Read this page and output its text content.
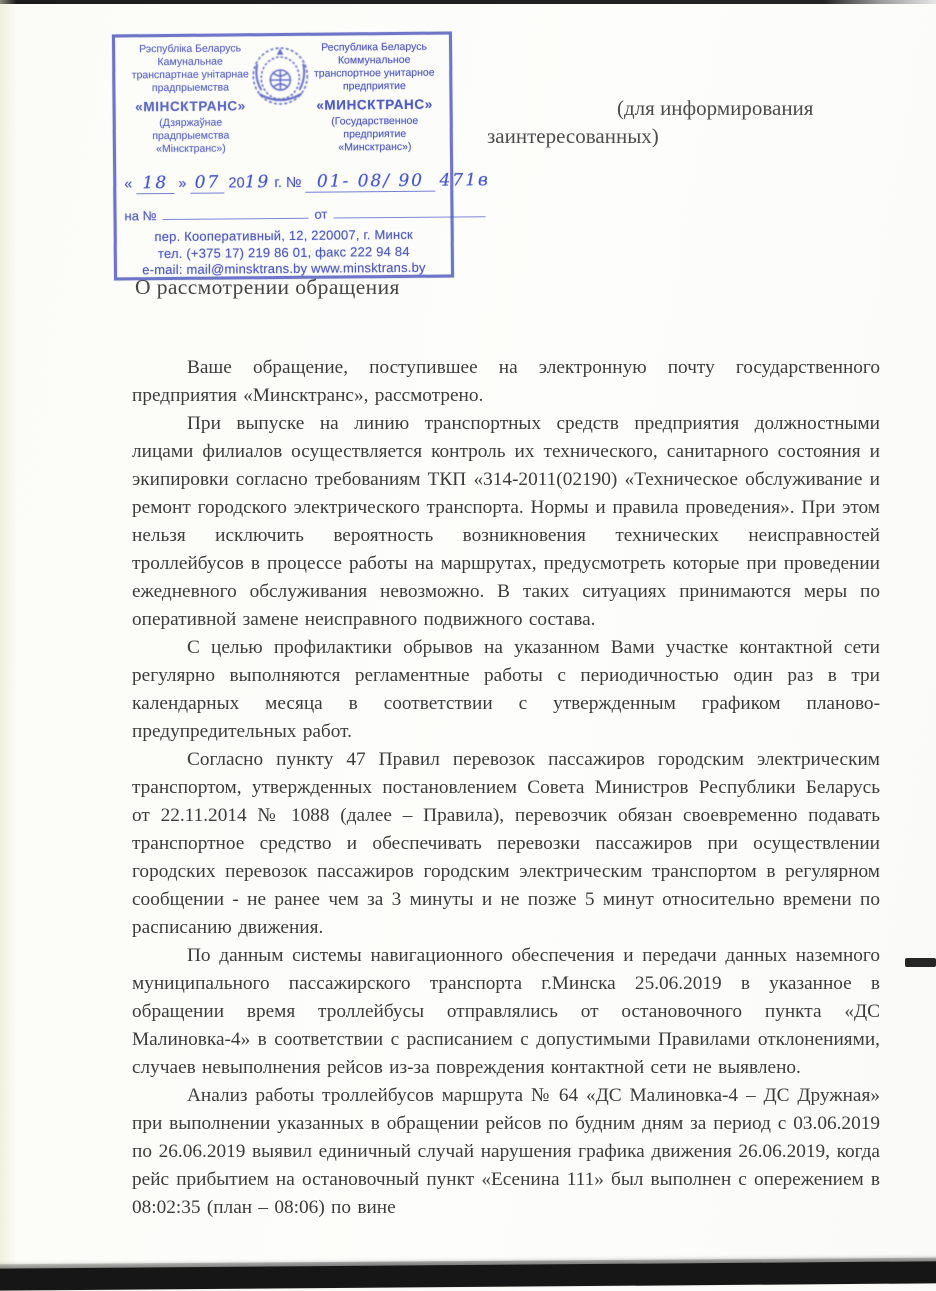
Рэспубліка Беларусь
Камунальнае
транспартнае унітарнае
прадпрыемства
«МІНСКТРАНС»
(Дзяржаўнае прадпрыемства
«Мінсктранс»)
Республика Беларусь
Коммунальное
транспортное унитарное
предприятие
«МИНСКТРАНС»
(Государственное предприятие
«Минсктранс»)
« 18 » 07 2019 г. № 01- 08/ 90 471в
на №	от
пер. Кооперативный, 12, 220007, г. Минск
тел. (+375 17) 219 86 01, факс 222 94 84
e-mail: mail@minsktrans.by www.minsktrans.by
(для информирования
заинтересованных)
О рассмотрении обращения

Ваше обращение, поступившее на электронную почту государственного предприятия «Минсктранс», рассмотрено.

При выпуске на линию транспортных средств предприятия должностными лицами филиалов осуществляется контроль их технического, санитарного состояния и экипировки согласно требованиям ТКП «314-2011(02190) «Техническое обслуживание и ремонт городского электрического транспорта. Нормы и правила проведения». При этом нельзя исключить вероятность возникновения технических неисправностей троллейбусов в процессе работы на маршрутах, предусмотреть которые при проведении ежедневного обслуживания невозможно. В таких ситуациях принимаются меры по оперативной замене неисправного подвижного состава.

С целью профилактики обрывов на указанном Вами участке контактной сети регулярно выполняются регламентные работы с периодичностью один раз в три календарных месяца в соответствии с утвержденным графиком планово-предупредительных работ.

Согласно пункту 47 Правил перевозок пассажиров городским электрическим транспортом, утвержденных постановлением Совета Министров Республики Беларусь от 22.11.2014 № 1088 (далее – Правила), перевозчик обязан своевременно подавать транспортное средство и обеспечивать перевозки пассажиров при осуществлении городских перевозок пассажиров городским электрическим транспортом в регулярном сообщении - не ранее чем за 3 минуты и не позже 5 минут относительно времени по расписанию движения.

По данным системы навигационного обеспечения и передачи данных наземного муниципального пассажирского транспорта г.Минска 25.06.2019 в указанное в обращении время троллейбусы отправлялись от остановочного пункта «ДС Малиновка-4» в соответствии с расписанием с допустимыми Правилами отклонениями, случаев невыполнения рейсов из-за повреждения контактной сети не выявлено.

Анализ работы троллейбусов маршрута № 64 «ДС Малиновка-4 – ДС Дружная» при выполнении указанных в обращении рейсов по будним дням за период с 03.06.2019 по 26.06.2019 выявил единичный случай нарушения графика движения 26.06.2019, когда рейс прибытием на остановочный пункт «Есенина 111» был выполнен с опережением в 08:02:35 (план – 08:06) по вине
